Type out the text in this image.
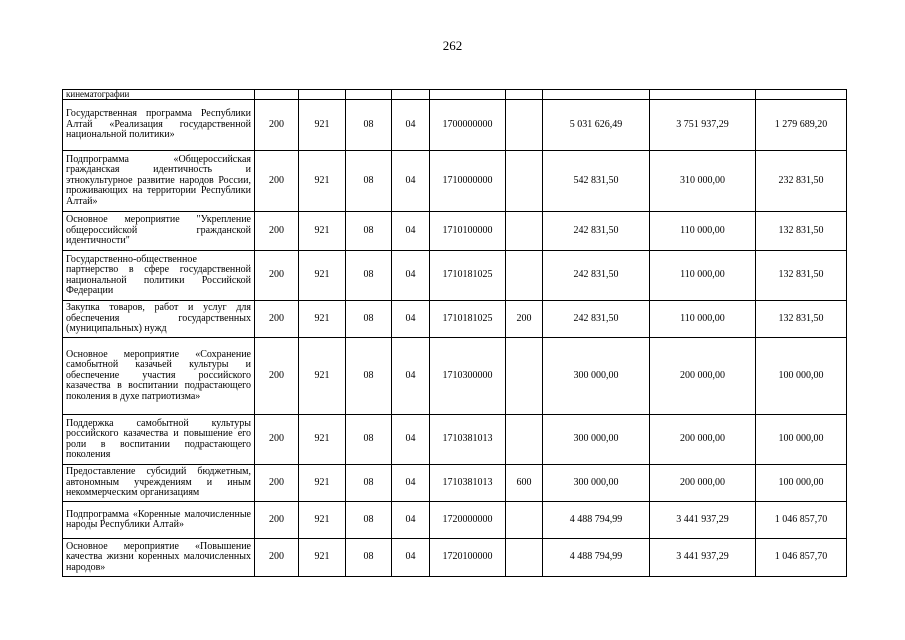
262
кинематографии									
Государственная программа Республики Алтай «Реализация государственной национальной политики»	200	921	08	04	1700000000		5 031 626,49	3 751 937,29	1 279 689,20
Подпрограмма «Общероссийская гражданская идентичность и этнокультурное развитие народов России, проживающих на территории Республики Алтай»	200	921	08	04	1710000000		542 831,50	310 000,00	232 831,50
Основное мероприятие "Укрепление общероссийской гражданской идентичности"	200	921	08	04	1710100000		242 831,50	110 000,00	132 831,50
Государственно-общественное партнерство в сфере государственной национальной политики Российской Федерации	200	921	08	04	1710181025		242 831,50	110 000,00	132 831,50
Закупка товаров, работ и услуг для обеспечения государственных (муниципальных) нужд	200	921	08	04	1710181025	200	242 831,50	110 000,00	132 831,50
Основное мероприятие «Сохранение самобытной казачьей культуры и обеспечение участия российского казачества в воспитании подрастающего поколения в духе патриотизма»	200	921	08	04	1710300000		300 000,00	200 000,00	100 000,00
Поддержка самобытной культуры российского казачества и повышение его роли в воспитании подрастающего поколения	200	921	08	04	1710381013		300 000,00	200 000,00	100 000,00
Предоставление субсидий бюджетным, автономным учреждениям и иным некоммерческим организациям	200	921	08	04	1710381013	600	300 000,00	200 000,00	100 000,00
Подпрограмма «Коренные малочисленные народы Республики Алтай»	200	921	08	04	1720000000		4 488 794,99	3 441 937,29	1 046 857,70
Основное мероприятие «Повышение качества жизни коренных малочисленных народов»	200	921	08	04	1720100000		4 488 794,99	3 441 937,29	1 046 857,70
